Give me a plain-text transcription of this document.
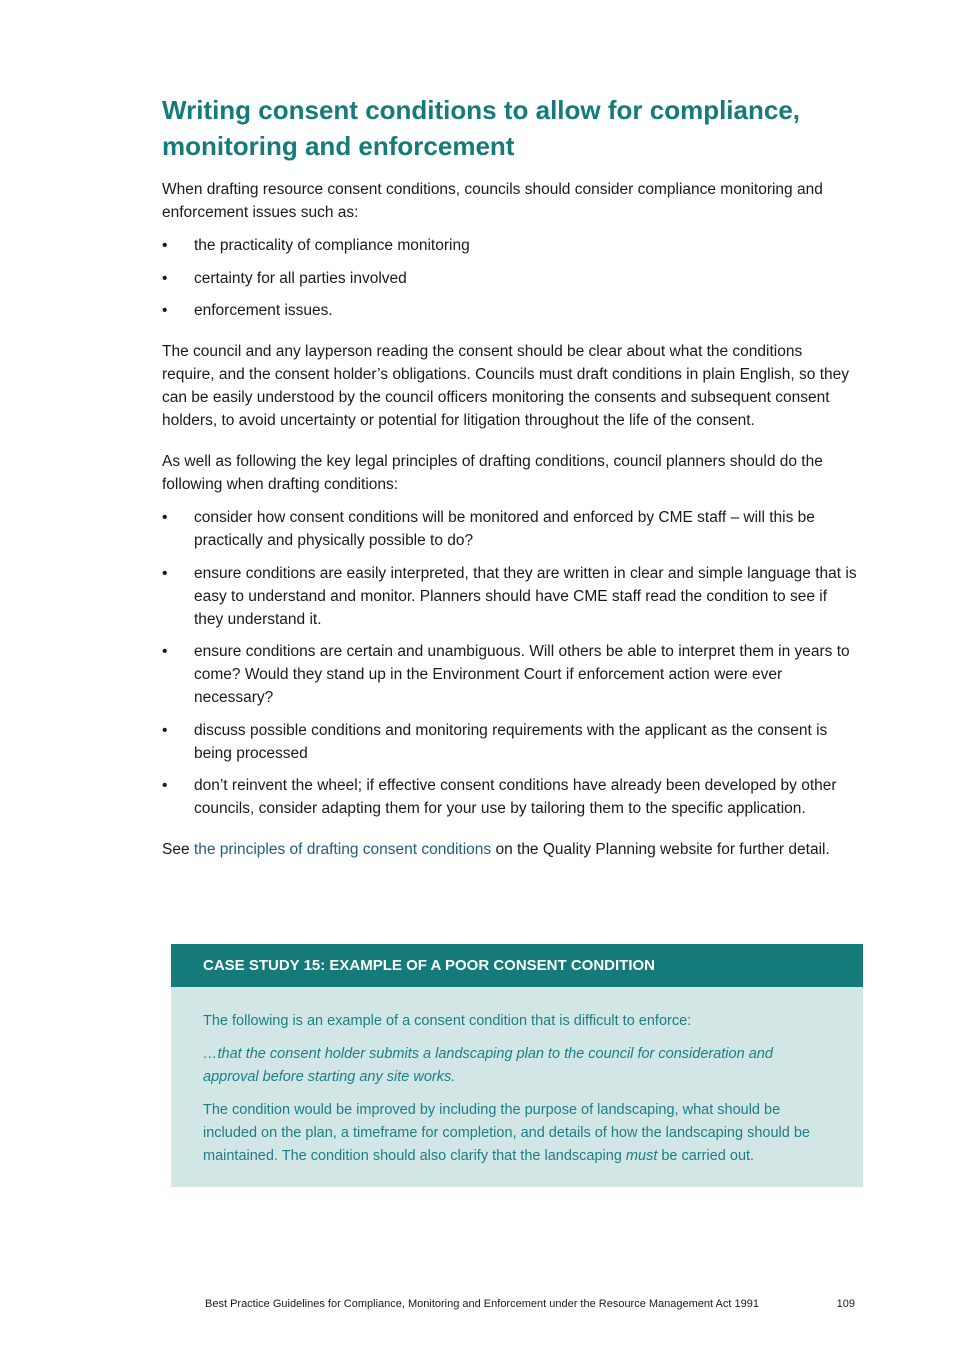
Writing consent conditions to allow for compliance, monitoring and enforcement

When drafting resource consent conditions, councils should consider compliance monitoring and enforcement issues such as:

• the practicality of compliance monitoring
• certainty for all parties involved
• enforcement issues.

The council and any layperson reading the consent should be clear about what the conditions require, and the consent holder’s obligations. Councils must draft conditions in plain English, so they can be easily understood by the council officers monitoring the consents and subsequent consent holders, to avoid uncertainty or potential for litigation throughout the life of the consent.

As well as following the key legal principles of drafting conditions, council planners should do the following when drafting conditions:

• consider how consent conditions will be monitored and enforced by CME staff – will this be practically and physically possible to do?
• ensure conditions are easily interpreted, that they are written in clear and simple language that is easy to understand and monitor. Planners should have CME staff read the condition to see if they understand it.
• ensure conditions are certain and unambiguous. Will others be able to interpret them in years to come? Would they stand up in the Environment Court if enforcement action were ever necessary?
• discuss possible conditions and monitoring requirements with the applicant as the consent is being processed
• don’t reinvent the wheel; if effective consent conditions have already been developed by other councils, consider adapting them for your use by tailoring them to the specific application.

See the principles of drafting consent conditions on the Quality Planning website for further detail.

CASE STUDY 15: EXAMPLE OF A POOR CONSENT CONDITION

The following is an example of a consent condition that is difficult to enforce:

…that the consent holder submits a landscaping plan to the council for consideration and approval before starting any site works.

The condition would be improved by including the purpose of landscaping, what should be included on the plan, a timeframe for completion, and details of how the landscaping should be maintained. The condition should also clarify that the landscaping must be carried out.

Best Practice Guidelines for Compliance, Monitoring and Enforcement under the Resource Management Act 1991	109
